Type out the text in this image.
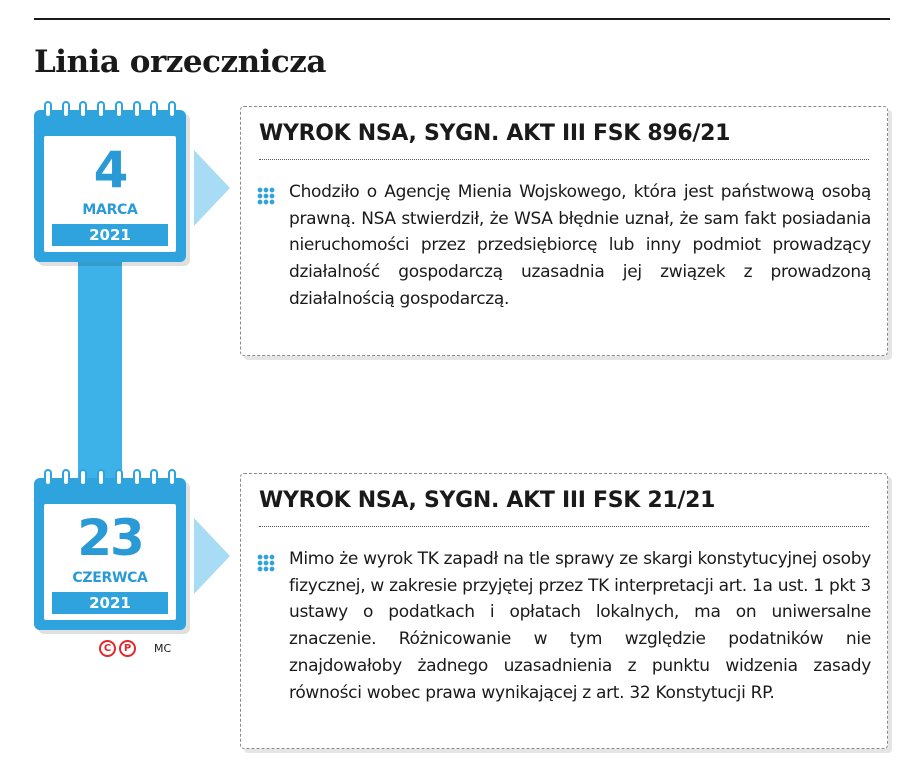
Linia orzecznicza
4
MARCA
2021
WYROK NSA, SYGN. AKT III FSK 896/21

Chodziło o Agencję Mienia Wojskowego, która jest państwową osobą prawną. NSA stwierdził, że WSA błędnie uznał, że sam fakt posiadania nieruchomości przez przedsiębiorcę lub inny podmiot prowadzący działalność gospodarczą uzasadnia jej związek z prowadzoną działalnością gospodarczą.

23
CZERWCA
2021
WYROK NSA, SYGN. AKT III FSK 21/21

Mimo że wyrok TK zapadł na tle sprawy ze skargi konstytucyjnej osoby fizycznej, w zakresie przyjętej przez TK interpretacji art. 1a ust. 1 pkt 3 ustawy o podatkach i opłatach lokalnych, ma on uniwersalne znaczenie. Różnicowanie w tym względzie podatników nie znajdowałoby żadnego uzasadnienia z punktu widzenia zasady równości wobec prawa wynikającej z art. 32 Konstytucji RP.

C	P	MC
